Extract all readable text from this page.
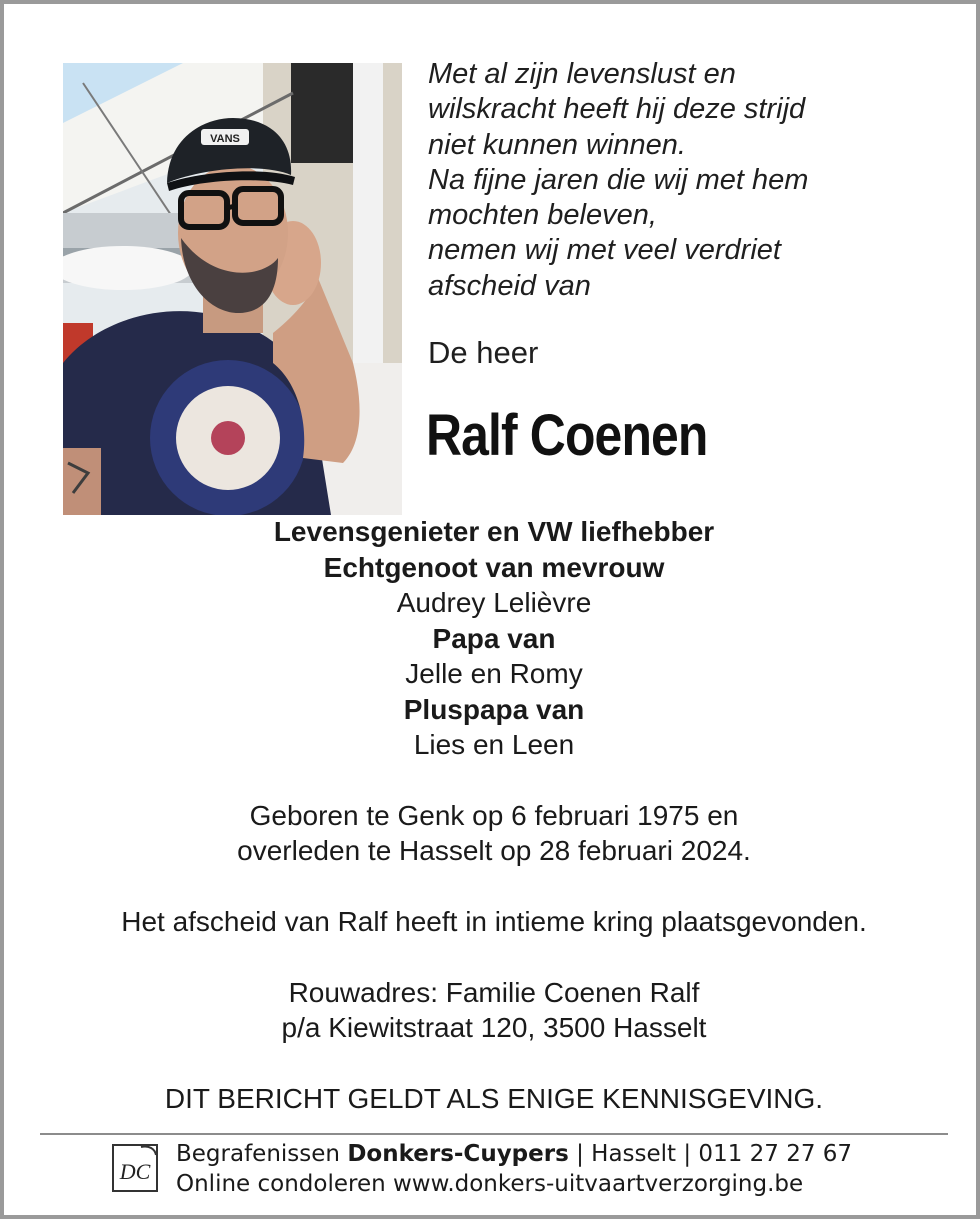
VANS
Met al zijn levenslust en
wilskracht heeft hij deze strijd
niet kunnen winnen.
Na fijne jaren die wij met hem
mochten beleven,
nemen wij met veel verdriet
afscheid van
De heer
Ralf Coenen
Levensgenieter en VW liefhebber
Echtgenoot van mevrouw
Audrey Lelièvre
Papa van
Jelle en Romy
Pluspapa van
Lies en Leen
Geboren te Genk op 6 februari 1975 en
overleden te Hasselt op 28 februari 2024.
Het afscheid van Ralf heeft in intieme kring plaatsgevonden.
Rouwadres: Familie Coenen Ralf
p/a Kiewitstraat 120, 3500 Hasselt
DIT BERICHT GELDT ALS ENIGE KENNISGEVING.
DC
Begrafenissen Donkers-Cuypers | Hasselt | 011 27 27 67
Online condoleren www.donkers-uitvaartverzorging.be
